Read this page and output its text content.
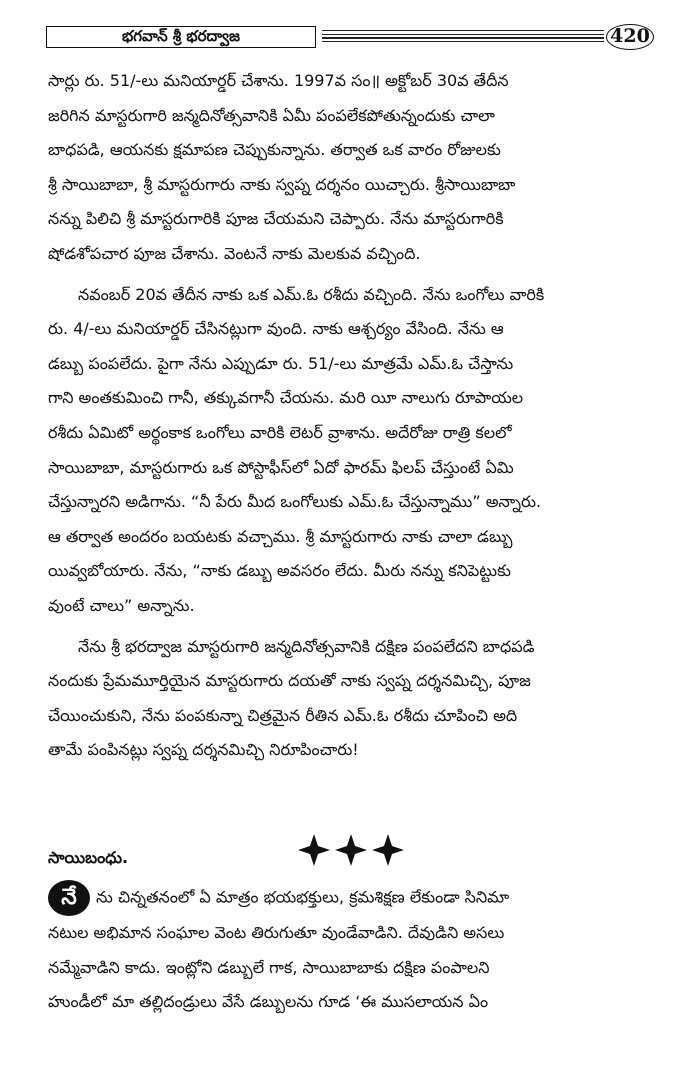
భగవాన్ శ్రీ భరద్వాజ	420

సార్లు రు. 51/-లు మనియార్డర్ చేశాను. 1997వ సం॥ అక్టోబర్ 30వ తేదీన
జరిగిన మాస్టరుగారి జన్మదినోత్సవానికి ఏమీ పంపలేకపోతున్నందుకు చాలా
బాధపడి, ఆయనకు క్షమాపణ చెప్పుకున్నాను. తర్వాత ఒక వారం రోజులకు
శ్రీ సాయిబాబా, శ్రీ మాస్టరుగారు నాకు స్వప్న దర్శనం యిచ్చారు. శ్రీసాయిబాబా
నన్ను పిలిచి శ్రీ మాస్టరుగారికి పూజ చేయమని చెప్పారు. నేను మాస్టరుగారికి
షోడశోపచార పూజ చేశాను. వెంటనే నాకు మెలకువ వచ్చింది.

నవంబర్ 20వ తేదీన నాకు ఒక ఎమ్.ఓ రశీదు వచ్చింది. నేను ఒంగోలు వారికి
రు. 4/-లు మనియార్డర్ చేసినట్లుగా వుంది. నాకు ఆశ్చర్యం వేసింది. నేను ఆ
డబ్బు పంపలేదు. పైగా నేను ఎప్పుడూ రు. 51/-లు మాత్రమే ఎమ్.ఓ చేస్తాను
గాని అంతకుమించి గానీ, తక్కువగానీ చేయను. మరి యీ నాలుగు రూపాయల
రశీదు ఏమిటో అర్థంకాక ఒంగోలు వారికి లెటర్ వ్రాశాను. అదేరోజు రాత్రి కలలో
సాయిబాబా, మాస్టరుగారు ఒక పోస్టాఫీస్‌లో ఏదో ఫారమ్ ఫిలప్ చేస్తుంటే ఏమి
చేస్తున్నారని అడిగాను. “నీ పేరు మీద ఒంగోలుకు ఎమ్.ఓ చేస్తున్నాము” అన్నారు.
ఆ తర్వాత అందరం బయటకు వచ్చాము. శ్రీ మాస్టరుగారు నాకు చాలా డబ్బు
యివ్వబోయారు. నేను, “నాకు డబ్బు అవసరం లేదు. మీరు నన్ను కనిపెట్టుకు
వుంటే చాలు” అన్నాను.

నేను శ్రీ భరద్వాజ మాస్టరుగారి జన్మదినోత్సవానికి దక్షిణ పంపలేదని బాధపడి
నందుకు ప్రేమమూర్తియైన మాస్టరుగారు దయతో నాకు స్వప్న దర్శనమిచ్చి, పూజ
చేయించుకుని, నేను పంపకున్నా చిత్రమైన రీతిన ఎమ్.ఓ రశీదు చూపించి అది
తామే పంపినట్లు స్వప్న దర్శనమిచ్చి నిరూపించారు!

సాయిబంధు.
నే ను చిన్నతనంలో ఏ మాత్రం భయభక్తులు, క్రమశిక్షణ లేకుండా సినిమా
నటుల అభిమాన సంఘాల వెంట తిరుగుతూ వుండేవాడిని. దేవుడిని అసలు
నమ్మేవాడిని కాదు. ఇంట్లోని డబ్బులే గాక, సాయిబాబాకు దక్షిణ పంపాలని
హుండీలో మా తల్లిదండ్రులు వేసే డబ్బులను గూడ ‘ఈ ముసలాయన ఏం
